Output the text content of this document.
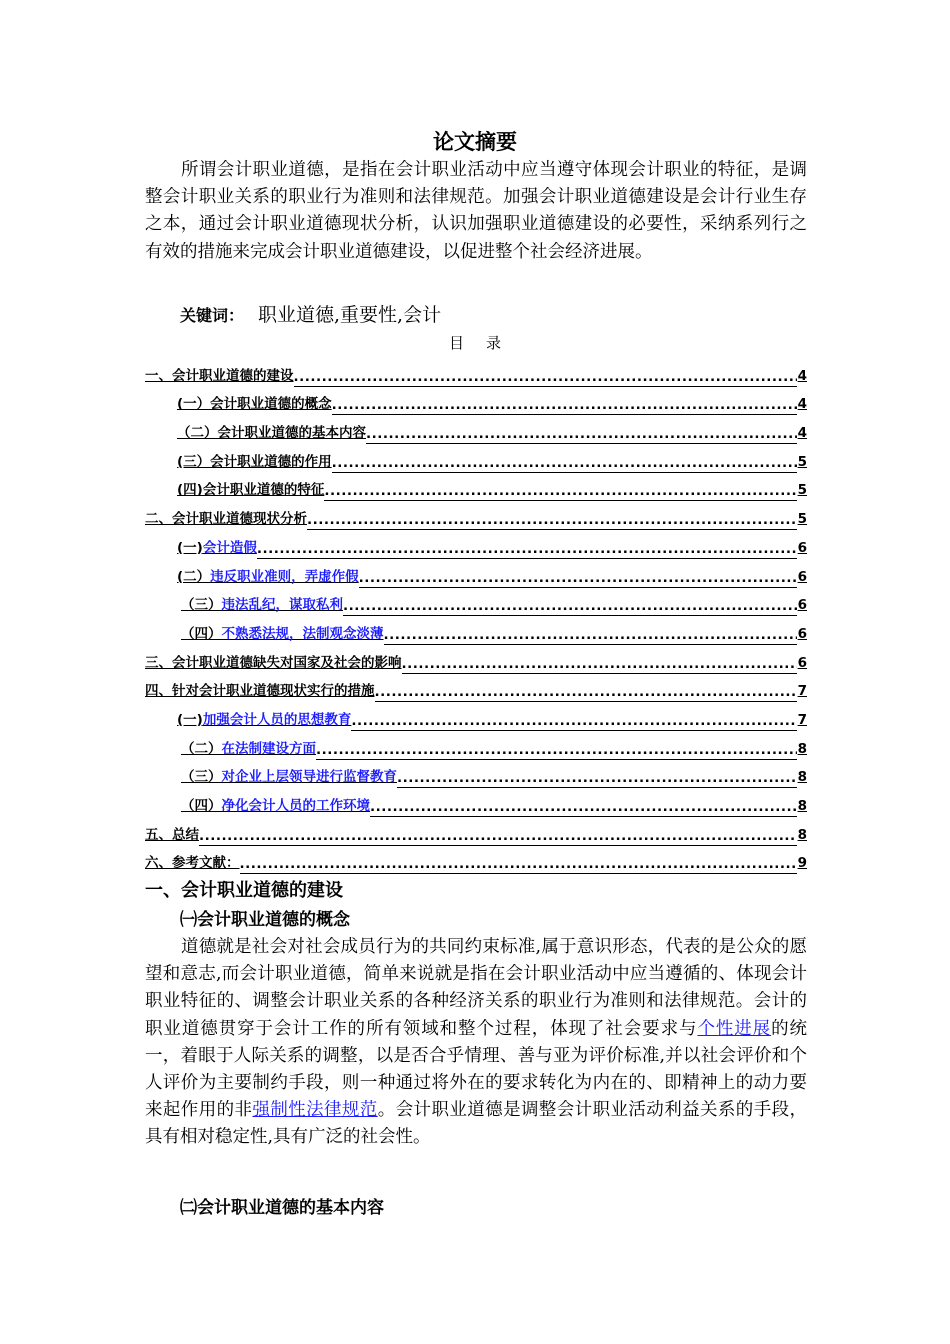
论文摘要

所谓会计职业道德，是指在会计职业活动中应当遵守体现会计职业的特征，是调整会计职业关系的职业行为准则和法律规范。加强会计职业道德建设是会计行业生存之本，通过会计职业道德现状分析，认识加强职业道德建设的必要性，采纳系列行之有效的措施来完成会计职业道德建设，以促进整个社会经济进展。

关键词： 职业道德,重要性,会计
目录
一、会计职业道德的建设 .....	4
(一）会计职业道德的概念 .....	4
（二）会计职业道德的基本内容 .....	4
(三）会计职业道德的作用 .....	5
(四)会计职业道德的特征 .....	5
二、会计职业道德现状分析 .....	5
(一)会计造假 .....	6
(二）违反职业准则，弄虚作假 .....	6
（三）违法乱纪，谋取私利 .....	6
（四）不熟悉法规，法制观念淡薄 .....	6
三、会计职业道德缺失对国家及社会的影响 .....	6
四、针对会计职业道德现状实行的措施 .....	7
(一)加强会计人员的思想教育 .....	7
（二）在法制建设方面 .....	8
（三）对企业上层领导进行监督教育 .....	8
（四）净化会计人员的工作环境 .....	8
五、总结 .....	8
六、参考文献： .....	9
一、会计职业道德的建设
㈠会计职业道德的概念

道德就是社会对社会成员行为的共同约束标准,属于意识形态，代表的是公众的愿望和意志,而会计职业道德，简单来说就是指在会计职业活动中应当遵循的、体现会计职业特征的、调整会计职业关系的各种经济关系的职业行为准则和法律规范。会计的职业道德贯穿于会计工作的所有领域和整个过程，体现了社会要求与个性进展的统一，着眼于人际关系的调整，以是否合乎情理、善与亚为评价标准,并以社会评价和个人评价为主要制约手段，则一种通过将外在的要求转化为内在的、即精神上的动力要来起作用的非强制性法律规范。会计职业道德是调整会计职业活动利益关系的手段，具有相对稳定性,具有广泛的社会性。

㈡会计职业道德的基本内容
